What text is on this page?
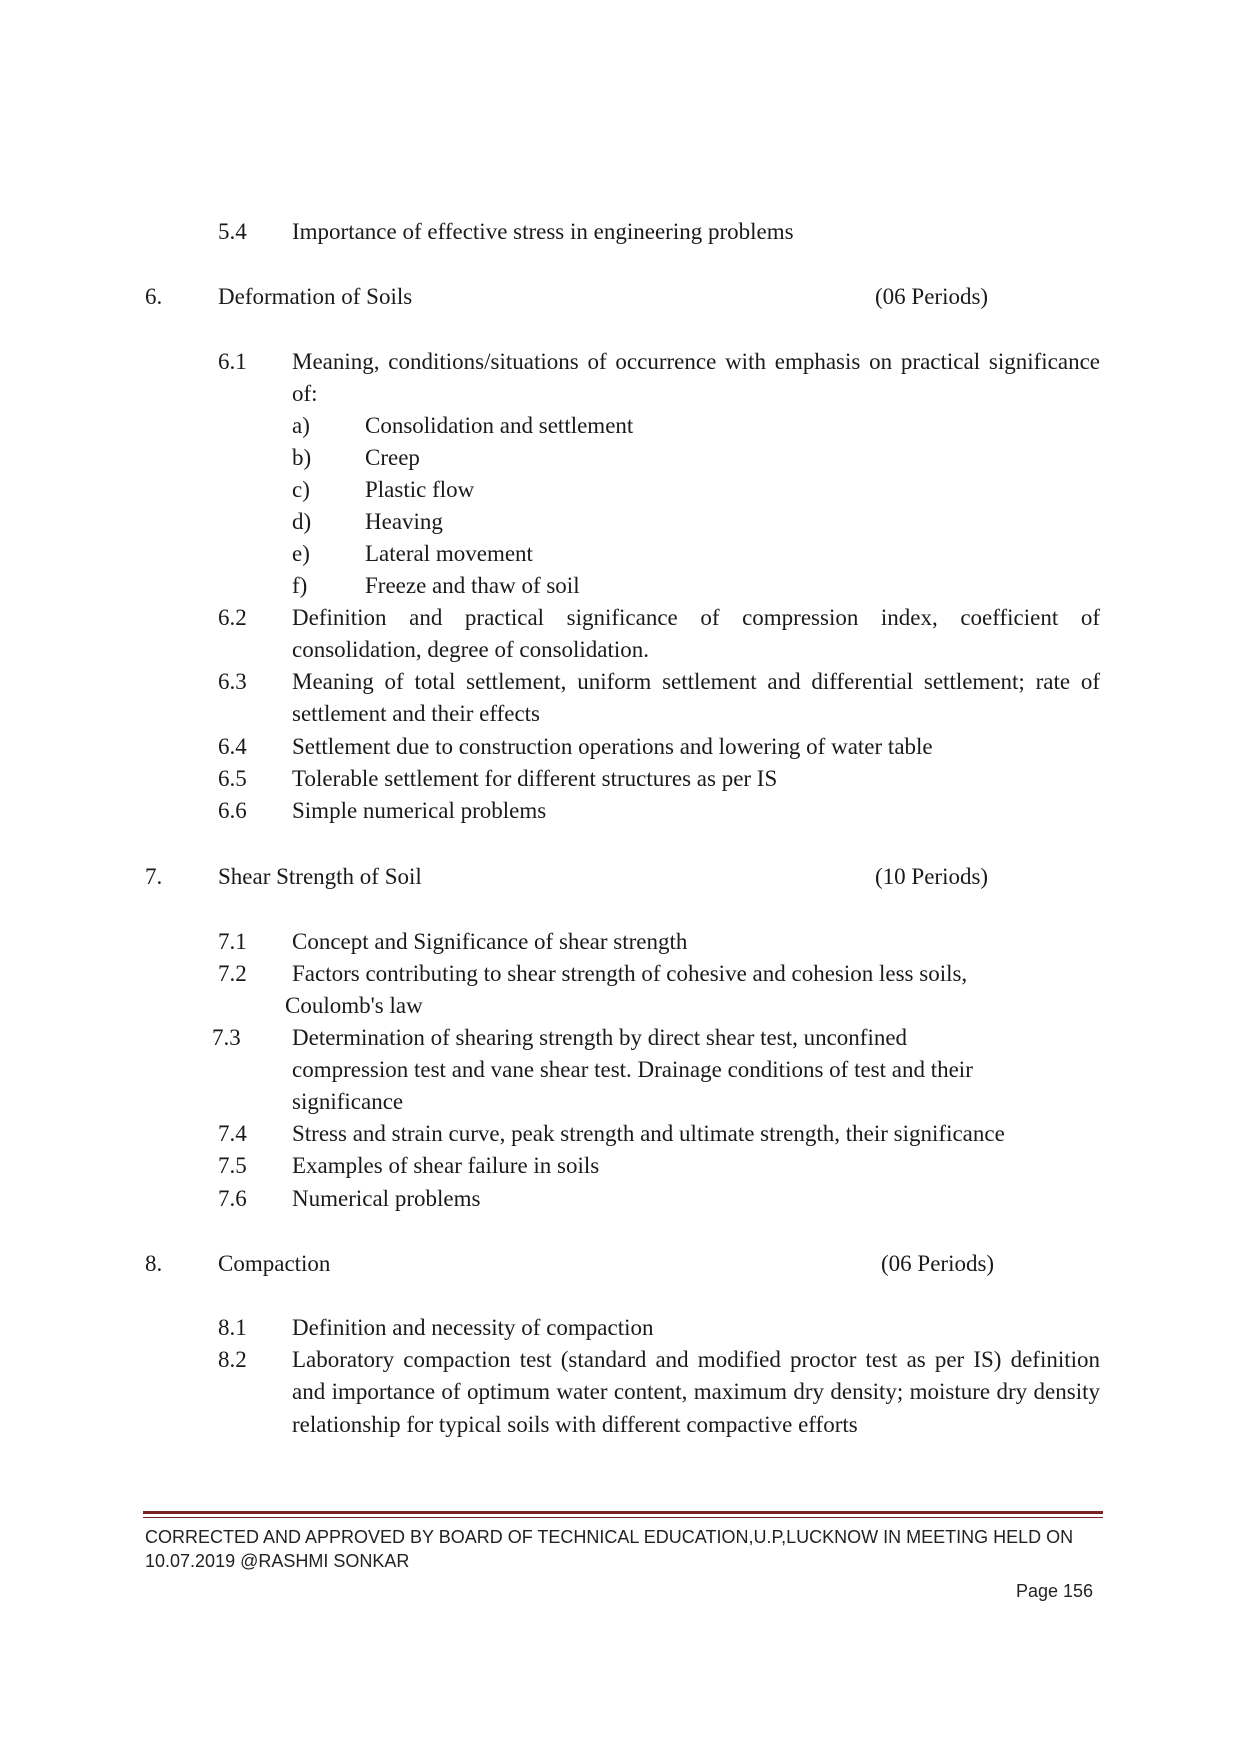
5.4 Importance of effective stress in engineering problems
6. Deformation of Soils	(06 Periods)
6.1 Meaning, conditions/situations of occurrence with emphasis on practical significance of:
a) Consolidation and settlement
b) Creep
c) Plastic flow
d) Heaving
e) Lateral movement
f)	Freeze and thaw of soil
6.2 Definition and practical significance of compression index, coefficient of consolidation, degree of consolidation.
6.3 Meaning of total settlement, uniform settlement and differential settlement; rate of settlement and their effects
6.4 Settlement due to construction operations and lowering of water table
6.5 Tolerable settlement for different structures as per IS
6.6 Simple numerical problems
7. Shear Strength of Soil	(10 Periods)
7.1 Concept and Significance of shear strength
7.2 Factors contributing to shear strength of cohesive and cohesion less soils,
Coulomb's law
7.3 Determination of shearing strength by direct shear test, unconfined
compression test and vane shear test. Drainage conditions of test and their
significance
7.4 Stress and strain curve, peak strength and ultimate strength, their significance
7.5 Examples of shear failure in soils
7.6 Numerical problems
8. Compaction	(06 Periods)
8.1 Definition and necessity of compaction
8.2 Laboratory compaction test (standard and modified proctor test as per IS) definition and importance of optimum water content, maximum dry density; moisture dry density relationship for typical soils with different compactive efforts
CORRECTED AND APPROVED BY BOARD OF TECHNICAL EDUCATION,U.P,LUCKNOW IN MEETING HELD ON
10.07.2019 @RASHMI SONKAR
Page 156
